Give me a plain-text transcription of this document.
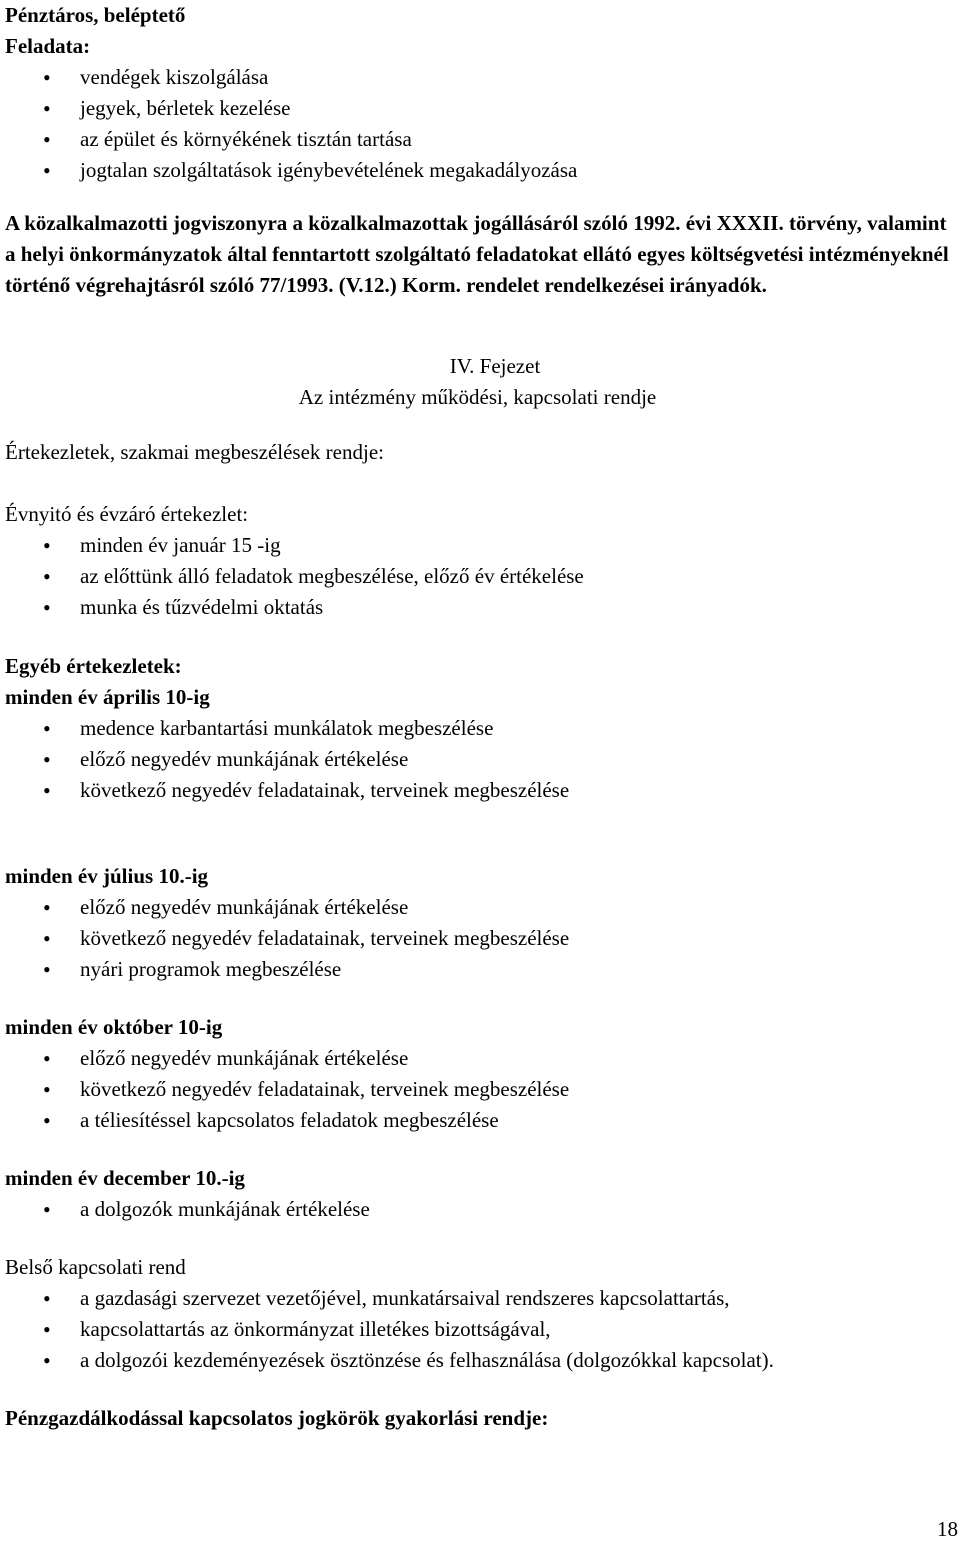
Pénztáros, beléptető
Feladata:
• vendégek kiszolgálása
• jegyek, bérletek kezelése
• az épület és környékének tisztán tartása
• jogtalan szolgáltatások igénybevételének megakadályozása

A közalkalmazotti jogviszonyra a közalkalmazottak jogállásáról szóló 1992. évi XXXII. törvény, valamint a helyi önkormányzatok által fenntartott szolgáltató feladatokat ellátó egyes költségvetési intézményeknél történő végrehajtásról szóló 77/1993. (V.12.) Korm. rendelet rendelkezései irányadók.

IV. Fejezet
Az intézmény működési, kapcsolati rendje
Értekezletek, szakmai megbeszélések rendje:
Évnyitó és évzáró értekezlet:
• minden év január 15 -ig
• az előttünk álló feladatok megbeszélése, előző év értékelése
• munka és tűzvédelmi oktatás
Egyéb értekezletek:
minden év április 10-ig
• medence karbantartási munkálatok megbeszélése
• előző negyedév munkájának értékelése
• következő negyedév feladatainak, terveinek megbeszélése
minden év július 10.-ig
• előző negyedév munkájának értékelése
• következő negyedév feladatainak, terveinek megbeszélése
• nyári programok megbeszélése
minden év október 10-ig
• előző negyedév munkájának értékelése
• következő negyedév feladatainak, terveinek megbeszélése
• a téliesítéssel kapcsolatos feladatok megbeszélése
minden év december 10.-ig
• a dolgozók munkájának értékelése
Belső kapcsolati rend
• a gazdasági szervezet vezetőjével, munkatársaival rendszeres kapcsolattartás,
• kapcsolattartás az önkormányzat illetékes bizottságával,
• a dolgozói kezdeményezések ösztönzése és felhasználása (dolgozókkal kapcsolat).
Pénzgazdálkodással kapcsolatos jogkörök gyakorlási rendje:
18
